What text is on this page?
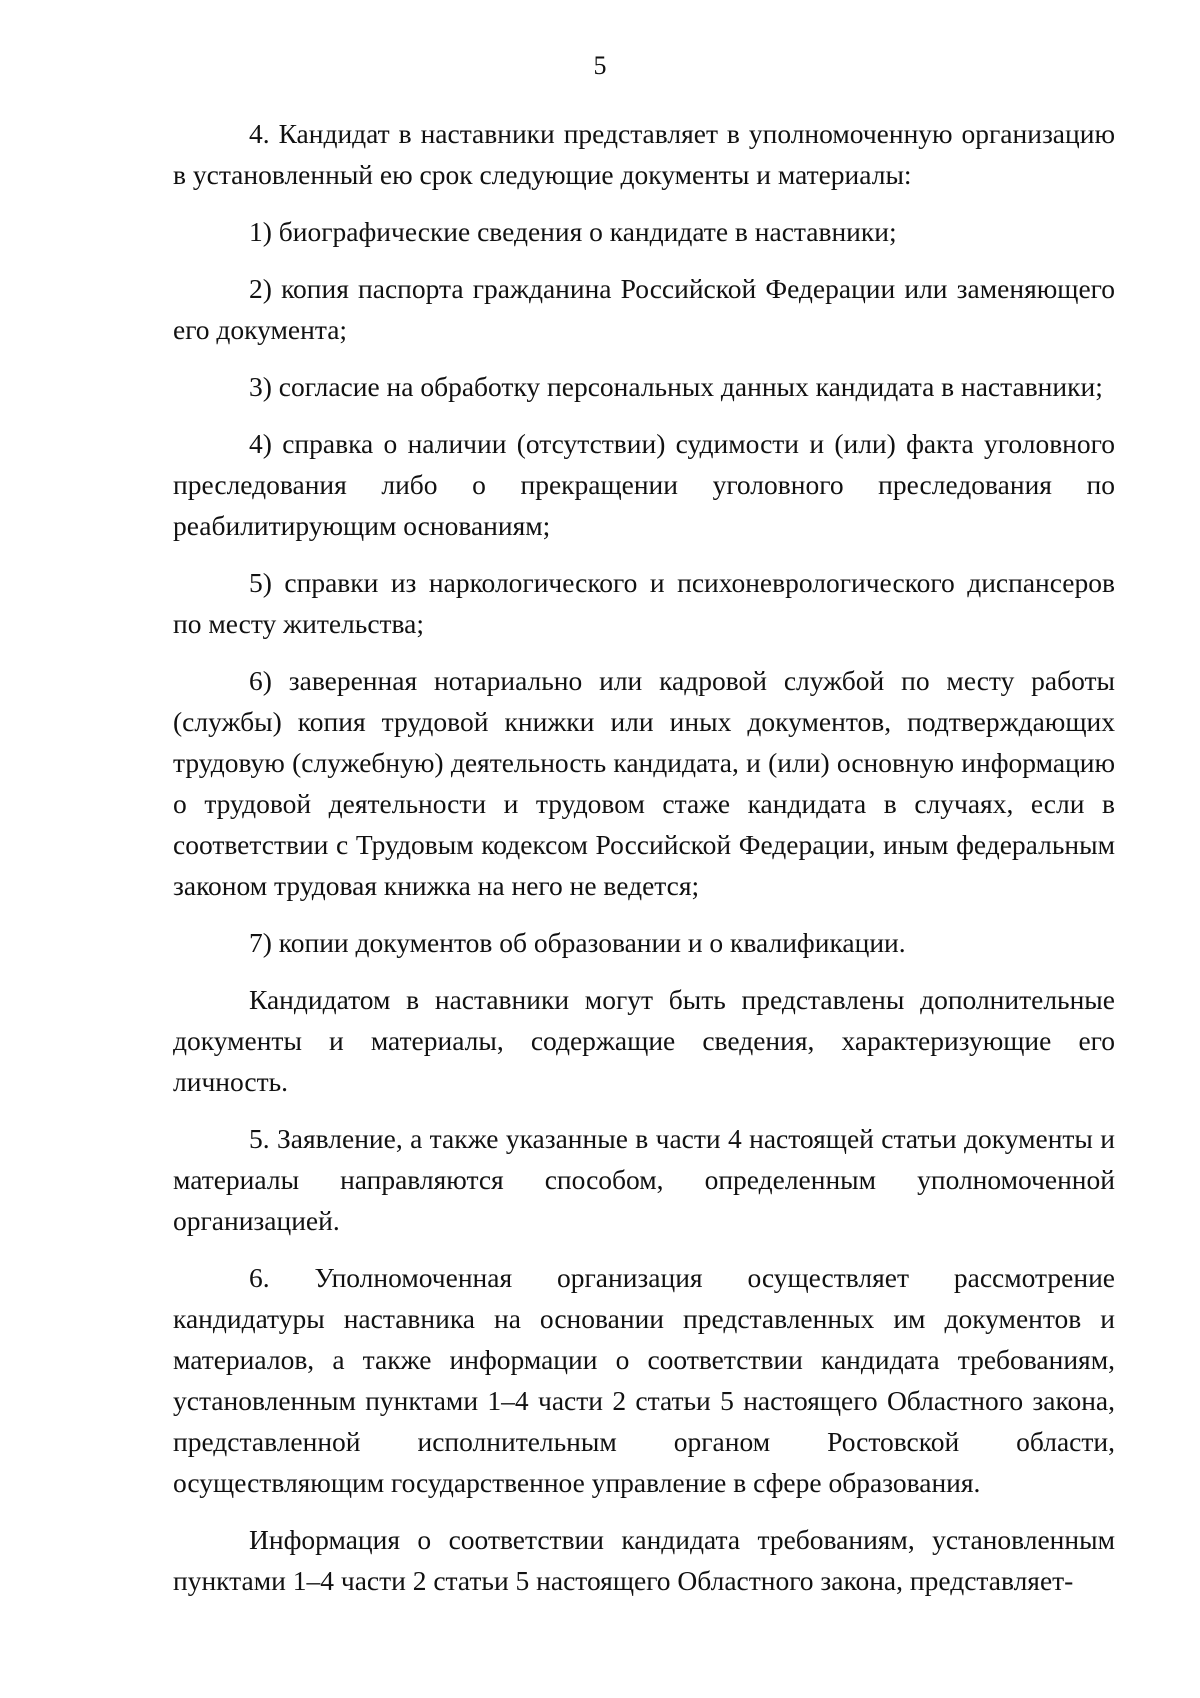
5

4. Кандидат в наставники представляет в уполномоченную организацию в установленный ею срок следующие документы и материалы:

1) биографические сведения о кандидате в наставники;

2) копия паспорта гражданина Российской Федерации или заменяющего его документа;

3) согласие на обработку персональных данных кандидата в наставники;

4) справка о наличии (отсутствии) судимости и (или) факта уголовного преследования либо о прекращении уголовного преследования по реабилитирующим основаниям;

5) справки из наркологического и психоневрологического диспансеров по месту жительства;

6) заверенная нотариально или кадровой службой по месту работы (службы) копия трудовой книжки или иных документов, подтверждающих трудовую (служебную) деятельность кандидата, и (или) основную информацию о трудовой деятельности и трудовом стаже кандидата в случаях, если в соответствии с Трудовым кодексом Российской Федерации, иным федеральным законом трудовая книжка на него не ведется;

7) копии документов об образовании и о квалификации.

Кандидатом в наставники могут быть представлены дополнительные документы и материалы, содержащие сведения, характеризующие его личность.

5. Заявление, а также указанные в части 4 настоящей статьи документы и материалы направляются способом, определенным уполномоченной организацией.

6. Уполномоченная организация осуществляет рассмотрение кандидатуры наставника на основании представленных им документов и материалов, а также информации о соответствии кандидата требованиям, установленным пунктами 1–4 части 2 статьи 5 настоящего Областного закона, представленной исполнительным органом Ростовской области, осуществляющим государственное управление в сфере образования.

Информация о соответствии кандидата требованиям, установленным пунктами 1–4 части 2 статьи 5 настоящего Областного закона, представляет-
